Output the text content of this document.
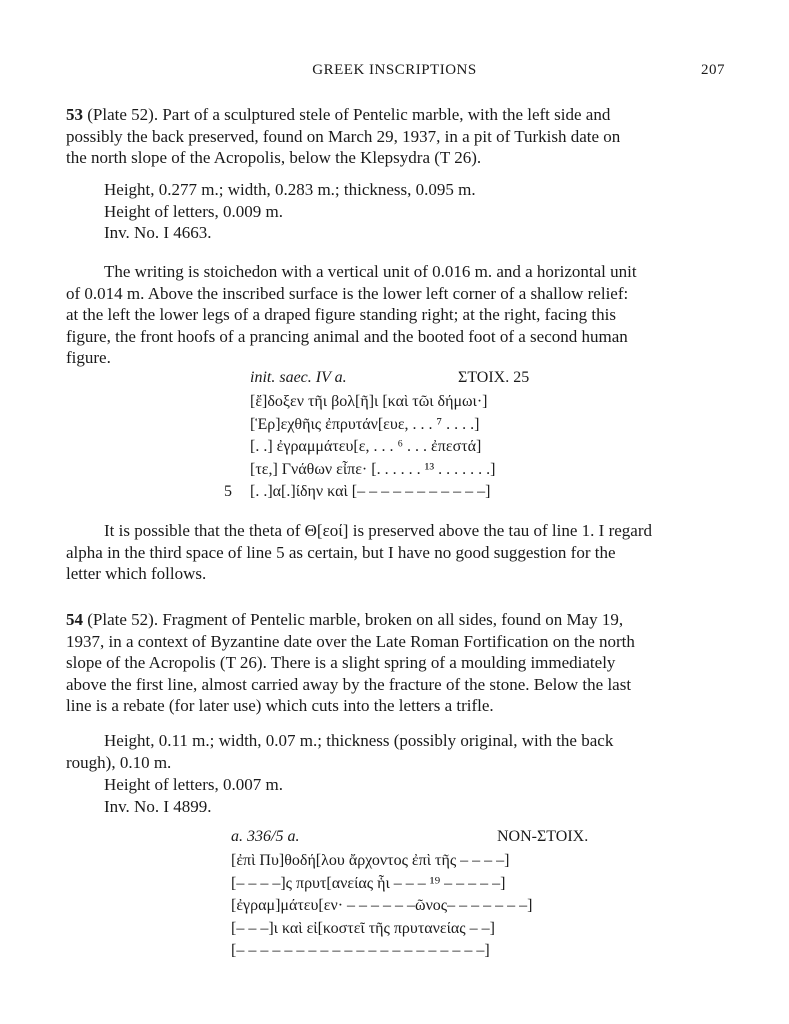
GREEK INSCRIPTIONS	207
53 (Plate 52). Part of a sculptured stele of Pentelic marble, with the left side and
possibly the back preserved, found on March 29, 1937, in a pit of Turkish date on
the north slope of the Acropolis, below the Klepsydra (T 26).
Height, 0.277 m.; width, 0.283 m.; thickness, 0.095 m.
Height of letters, 0.009 m.
Inv. No. I 4663.
The writing is stoichedon with a vertical unit of 0.016 m. and a horizontal unit
of 0.014 m. Above the inscribed surface is the lower left corner of a shallow relief:
at the left the lower legs of a draped figure standing right; at the right, facing this
figure, the front hoofs of a prancing animal and the booted foot of a second human
figure.
init. saec. IV a.	ΣΤΟΙΧ. 25
[ἔ]δοξεν τῆι βολ[ῆ]ι [καὶ τῶι δήμωι·]
[Ἑρ]εχθῆις ἐπρυτάν[ευε, . . . ⁷ . . . .]
[. .] ἐγραμμάτευ[ε, . . . ⁶ . . . ἐπεστά]
[τε,] Γνάθων εἶπε· [. . . . . . ¹³ . . . . . . .]
5 [. .]α[.]ίδην καὶ [– – – – – – – – – – –]
It is possible that the theta of Θ[εοί] is preserved above the tau of line 1. I regard
alpha in the third space of line 5 as certain, but I have no good suggestion for the
letter which follows.
54 (Plate 52). Fragment of Pentelic marble, broken on all sides, found on May 19,
1937, in a context of Byzantine date over the Late Roman Fortification on the north
slope of the Acropolis (T 26). There is a slight spring of a moulding immediately
above the first line, almost carried away by the fracture of the stone. Below the last
line is a rebate (for later use) which cuts into the letters a trifle.
Height, 0.11 m.; width, 0.07 m.; thickness (possibly original, with the back
rough), 0.10 m.
Height of letters, 0.007 m.
Inv. No. I 4899.
a. 336/5 a.	NON-ΣΤΟΙΧ.
[ἐπὶ Πυ]θοδή[λου ἄρχοντος ἐπὶ τῆς – – – –]
[– – – –]ς πρυτ[ανείας ἧι – – – ¹⁹ – – – – –]
[ἐγραμ]μάτευ[εν· – – – – – –ῶνος– – – – – – –]
[– – –]ι καὶ εἰ[κοστεῖ τῆς πρυτανείας – –]
[– – – – – – – – – – – – – – – – – – – – –]
